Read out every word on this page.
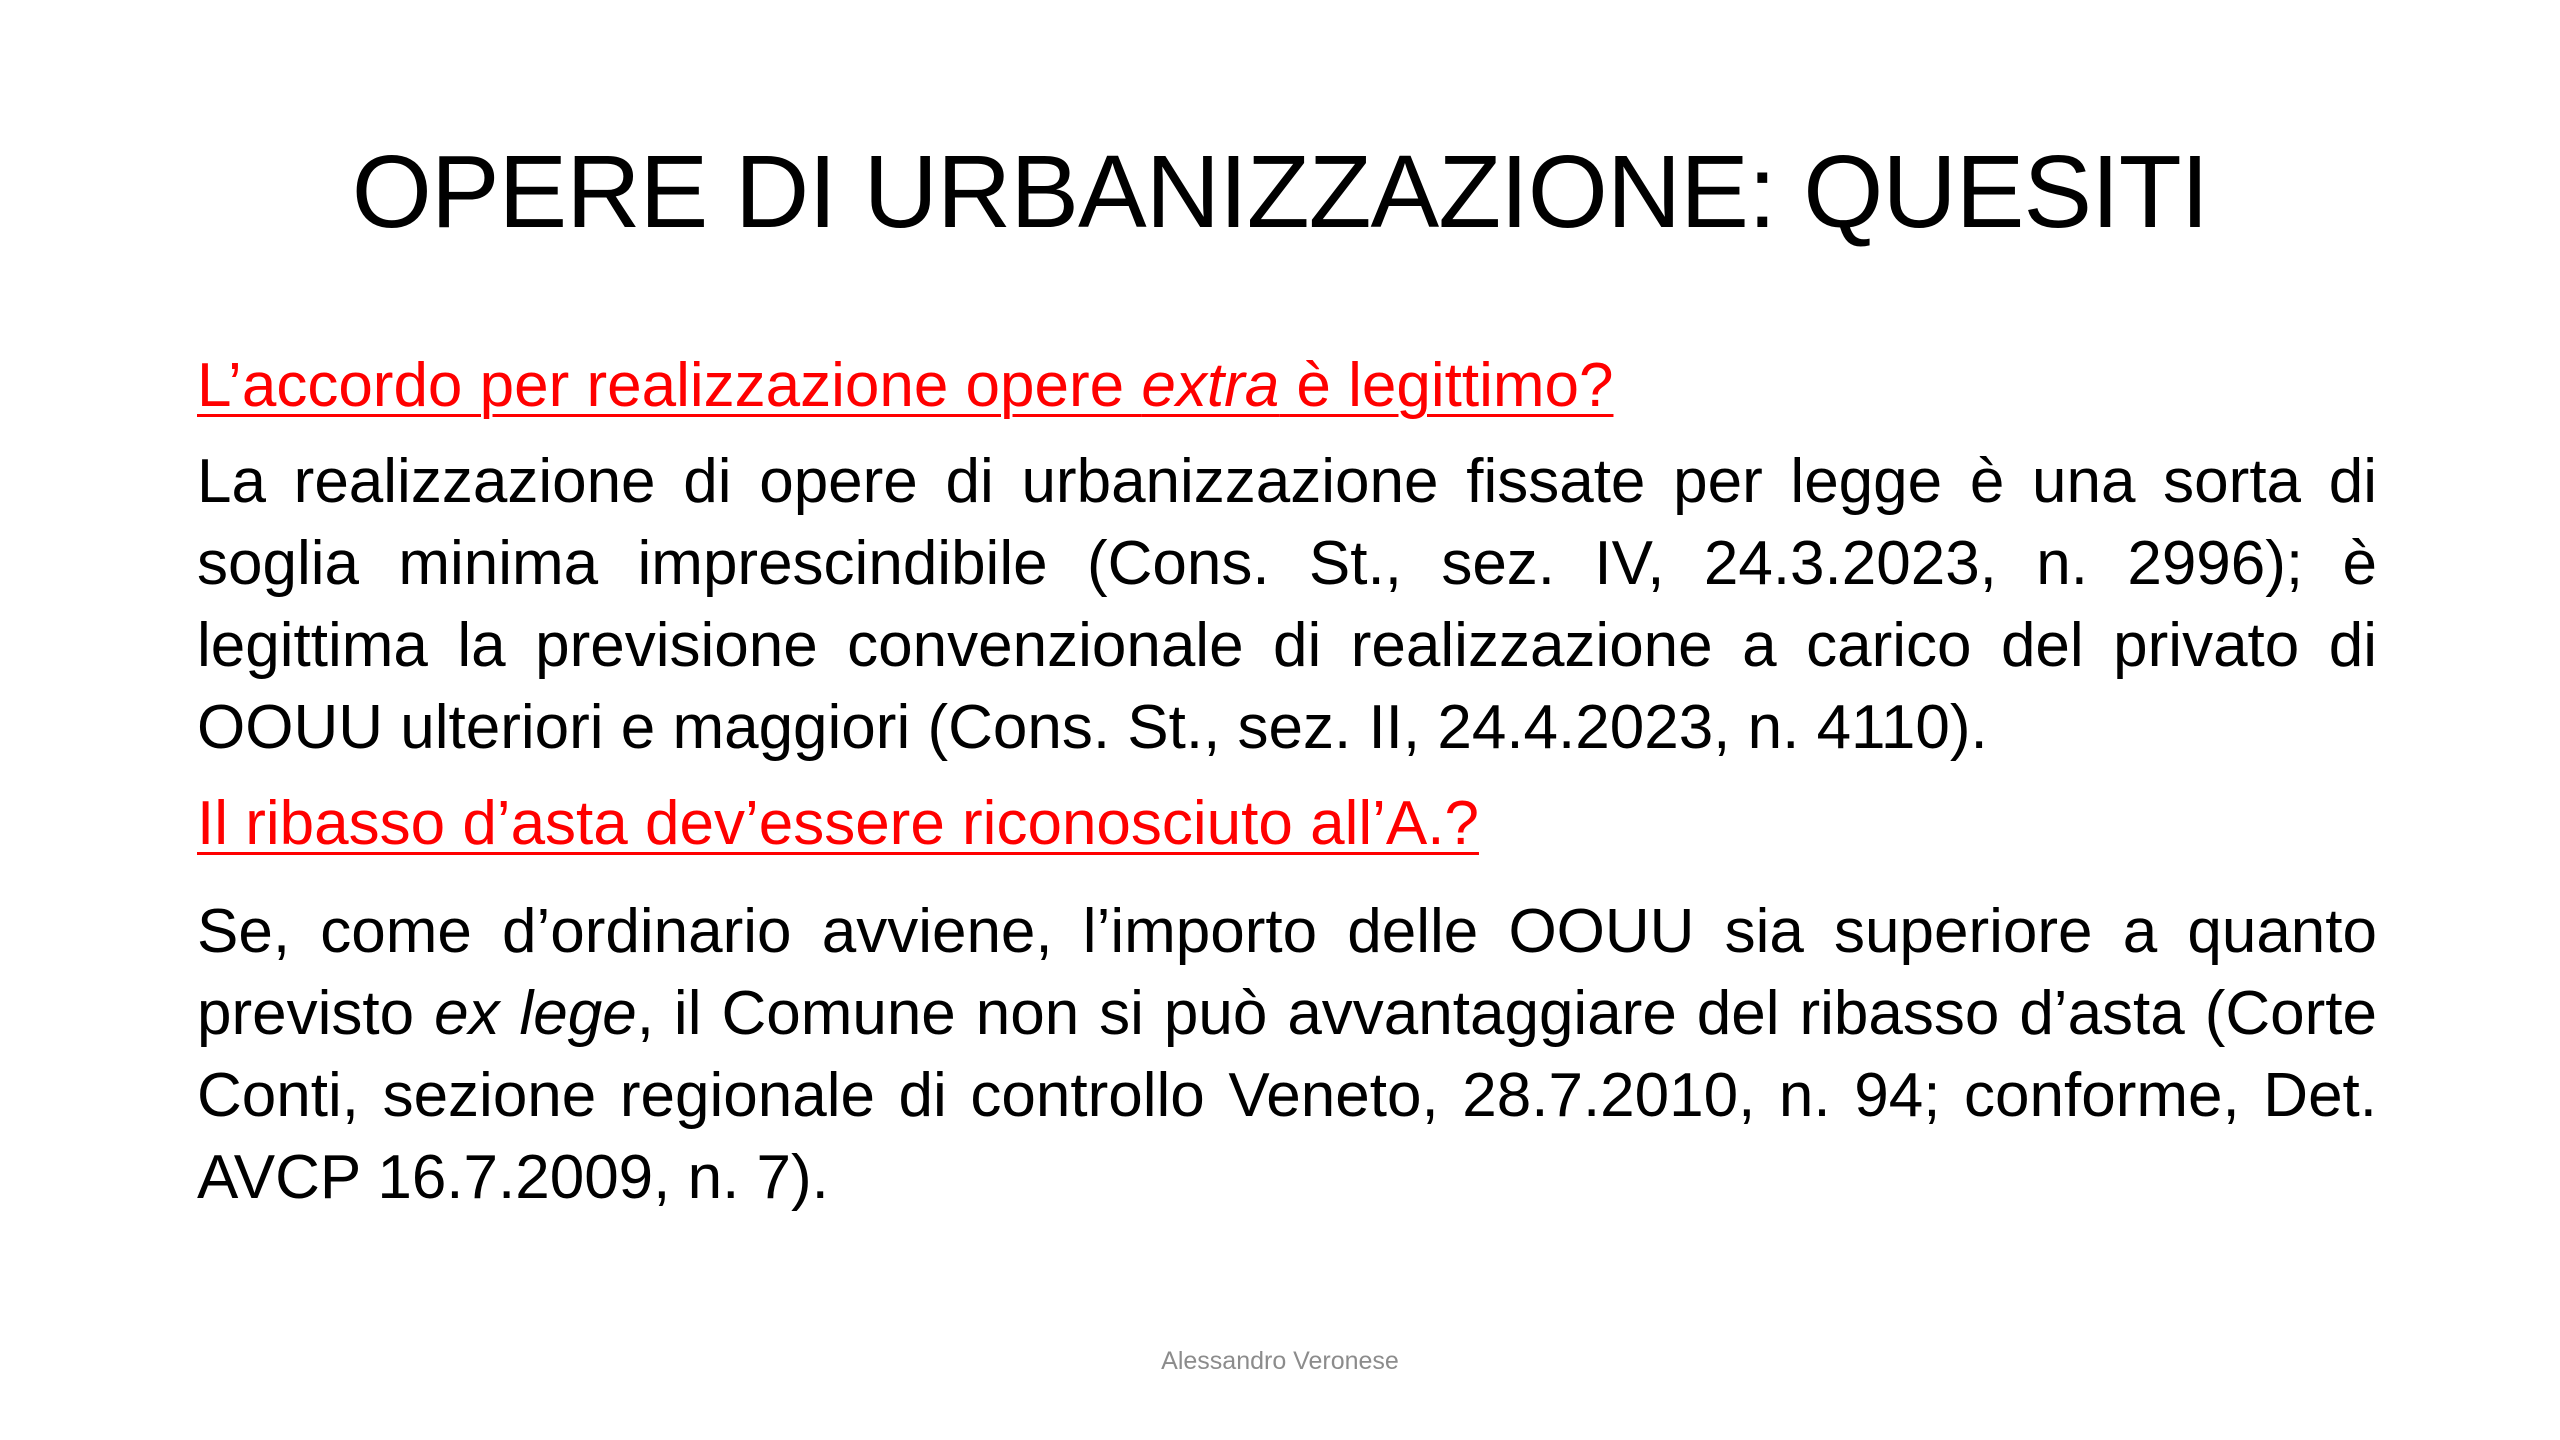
OPERE DI URBANIZZAZIONE: QUESITI

L’accordo per realizzazione opere extra è legittimo?

La realizzazione di opere di urbanizzazione fissate per legge è una sorta di soglia minima imprescindibile (Cons. St., sez. IV, 24.3.2023, n. 2996); è legittima la previsione convenzionale di realizzazione a carico del privato di OOUU ulteriori e maggiori (Cons. St., sez. II, 24.4.2023, n. 4110).

Il ribasso d’asta dev’essere riconosciuto all’A.?

Se, come d’ordinario avviene, l’importo delle OOUU sia superiore a quanto previsto ex lege, il Comune non si può avvantaggiare del ribasso d’asta (Corte Conti, sezione regionale di controllo Veneto, 28.7.2010, n. 94; conforme, Det. AVCP 16.7.2009, n. 7).

Alessandro Veronese
